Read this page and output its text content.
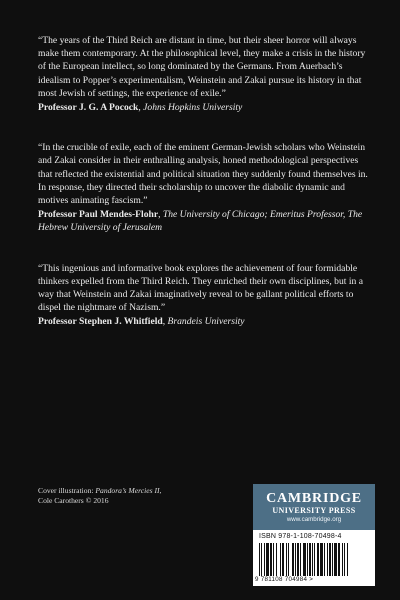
“The years of the Third Reich are distant in time, but their sheer horror will always make them contemporary. At the philosophical level, they make a crisis in the history of the European intellect, so long dominated by the Germans. From Auerbach’s idealism to Popper’s experimentalism, Weinstein and Zakai pursue its history in that most Jewish of settings, the experience of exile.”

Professor J. G. A Pocock, Johns Hopkins University

“In the crucible of exile, each of the eminent German-Jewish scholars who Weinstein and Zakai consider in their enthralling analysis, honed methodological perspectives that reflected the existential and political situation they suddenly found themselves in. In response, they directed their scholarship to uncover the diabolic dynamic and motives animating fascism.”

Professor Paul Mendes-Flohr, The University of Chicago; Emeritus Professor, The Hebrew University of Jerusalem

“This ingenious and informative book explores the achievement of four formidable thinkers expelled from the Third Reich. They enriched their own disciplines, but in a way that Weinstein and Zakai imaginatively reveal to be gallant political efforts to dispel the nightmare of Nazism.”

Professor Stephen J. Whitfield, Brandeis University

Cover illustration: Pandora’s Mercies II,
Cole Carothers © 2016	CAMBRIDGE
UNIVERSITY PRESS
www.cambridge.org
ISBN 978-1-108-70498-4
9 781108 704984 >
